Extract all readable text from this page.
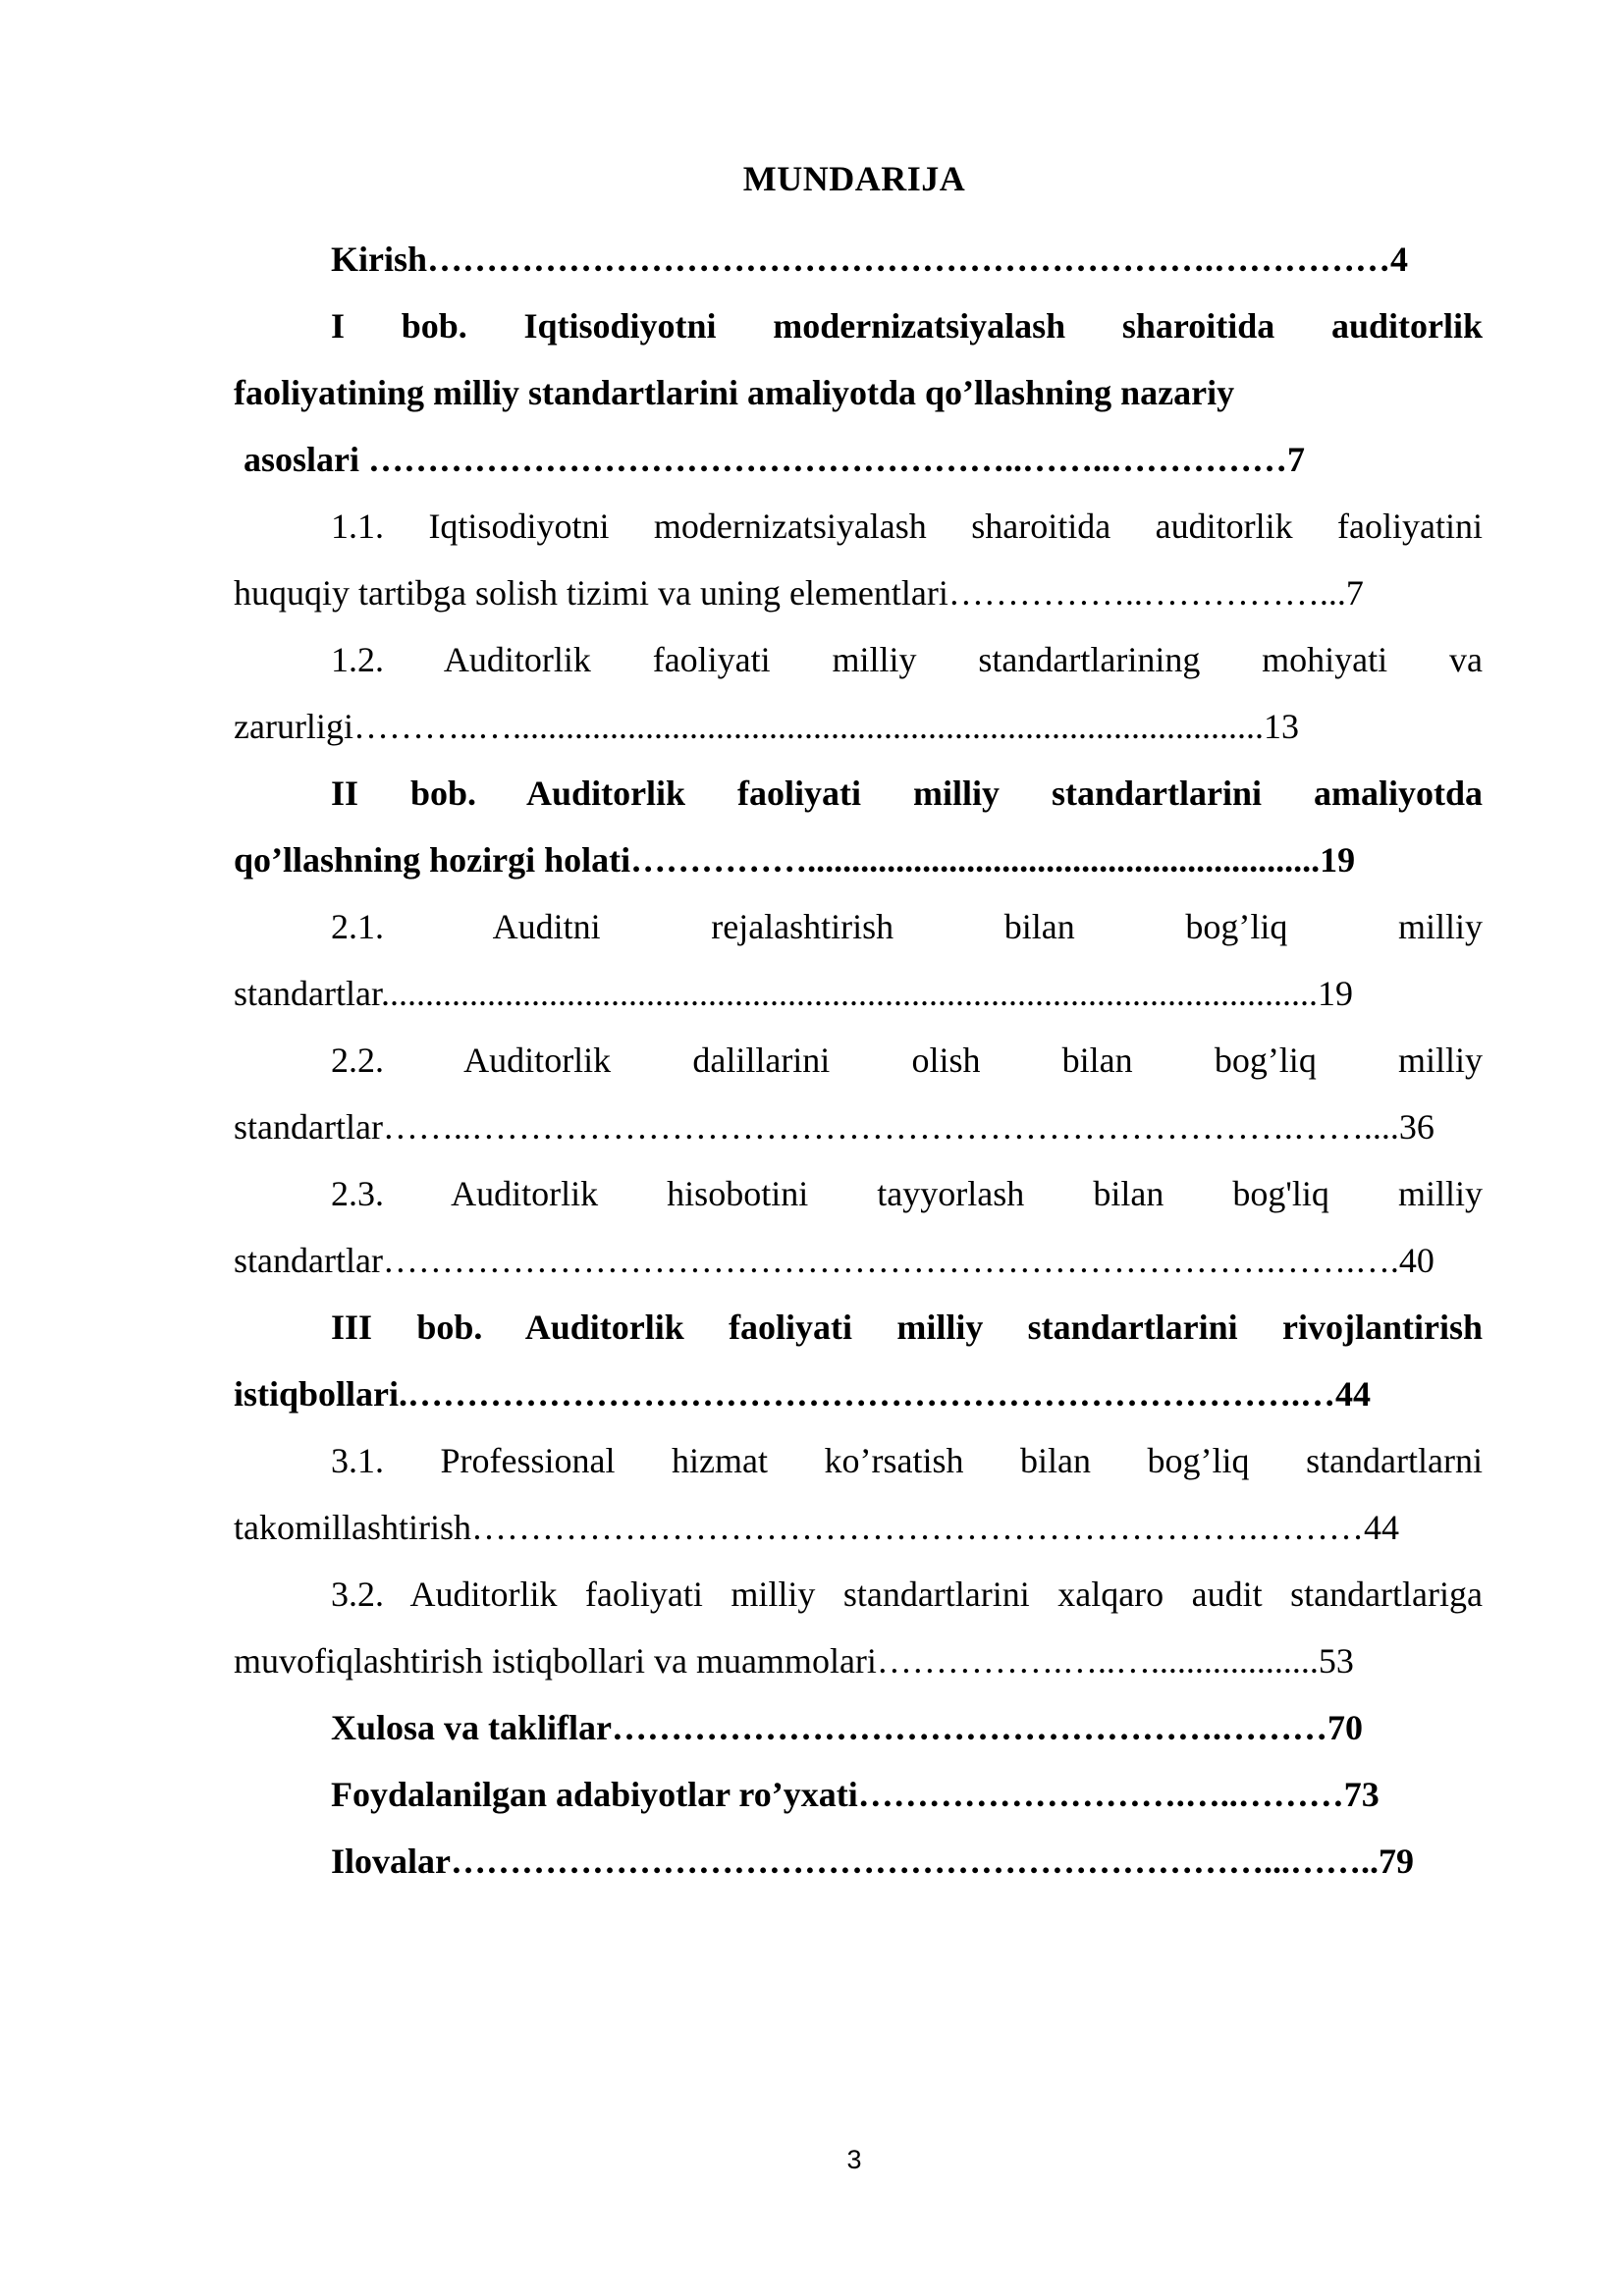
MUNDARIJA
Kirish………………………………………………………….……………4
I bob. Iqtisodiyotni modernizatsiyalash sharoitida auditorlik
faoliyatining milliy standartlarini amaliyotda qo’llashning nazariy
asoslari ………………………………………………..……..……………7
1.1. Iqtisodiyotni modernizatsiyalash sharoitida auditorlik faoliyatini
huquqiy tartibga solish tizimi va uning elementlari……………..……………...7
1.2. Auditorlik faoliyati milliy standartlarining mohiyati va
zarurligi………..….....................................................................................13
II bob. Auditorlik faoliyati milliy standartlarini amaliyotda
qo’llashning hozirgi holati……………..........................................................19
2.1. Auditni rejalashtirish bilan bog’liq milliy
standartlar..........................................................................................................19
2.2. Auditorlik dalillarini olish bilan bog’liq milliy
standartlar……..…………………………………………………………….……....36
2.3. Auditorlik hisobotini tayyorlash bilan bog'liq milliy
standartlar………………………………………………………………….…….….40
III bob. Auditorlik faoliyati milliy standartlarini rivojlantirish
istiqbollari.………………………………………………………………….…44
3.1. Professional hizmat ko’rsatish bilan bog’liq standartlarni
takomillashtirish………………………………………………………….………44
3.2. Auditorlik faoliyati milliy standartlarini xalqaro audit standartlariga
muvofiqlashtirish istiqbollari va muammolari…………….…..…...................53
Xulosa va takliflar…………………………………………….………70
Foydalanilgan adabiyotlar ro’yxati……………………….…..………73
Ilovalar……………………………………………………………...……..79
3
